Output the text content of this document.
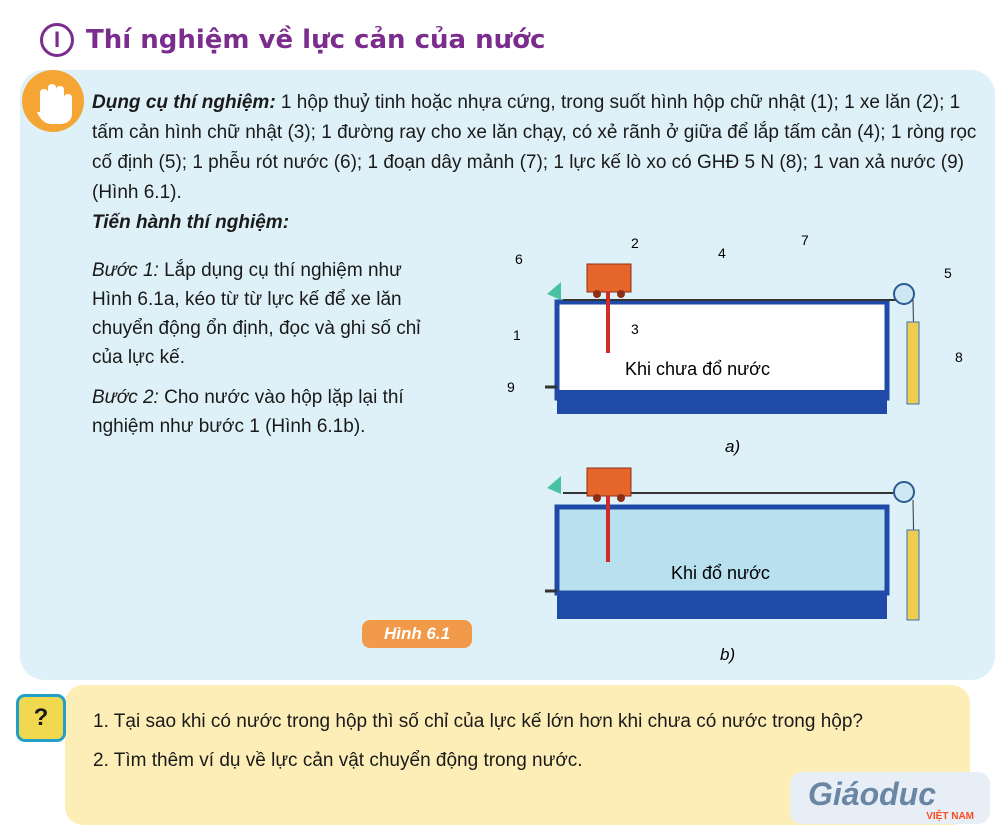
I Thí nghiệm về lực cản của nước
Dụng cụ thí nghiệm: 1 hộp thuỷ tinh hoặc nhựa cứng, trong suốt hình hộp chữ nhật (1); 1 xe lăn (2); 1 tấm cản hình chữ nhật (3); 1 đường ray cho xe lăn chạy, có xẻ rãnh ở giữa để lắp tấm cản (4); 1 ròng rọc cố định (5); 1 phễu rót nước (6); 1 đoạn dây mảnh (7); 1 lực kế lò xo có GHĐ 5 N (8); 1 van xả nước (9) (Hình 6.1).
Tiến hành thí nghiệm:
Bước 1: Lắp dụng cụ thí nghiệm như Hình 6.1a, kéo từ từ lực kế để xe lăn chuyển động ổn định, đọc và ghi số chỉ của lực kế.
Bước 2: Cho nước vào hộp lặp lại thí nghiệm như bước 1 (Hình 6.1b).
Khi chưa đổ nước
a)
Khi đổ nước
b)
1
2
3
4
5
6
7
8
9
Hình 6.1
?	1. Tại sao khi có nước trong hộp thì số chỉ của lực kế lớn hơn khi chưa có nước trong hộp?
2. Tìm thêm ví dụ về lực cản vật chuyển động trong nước.
Giáoduc
VIỆT NAM
